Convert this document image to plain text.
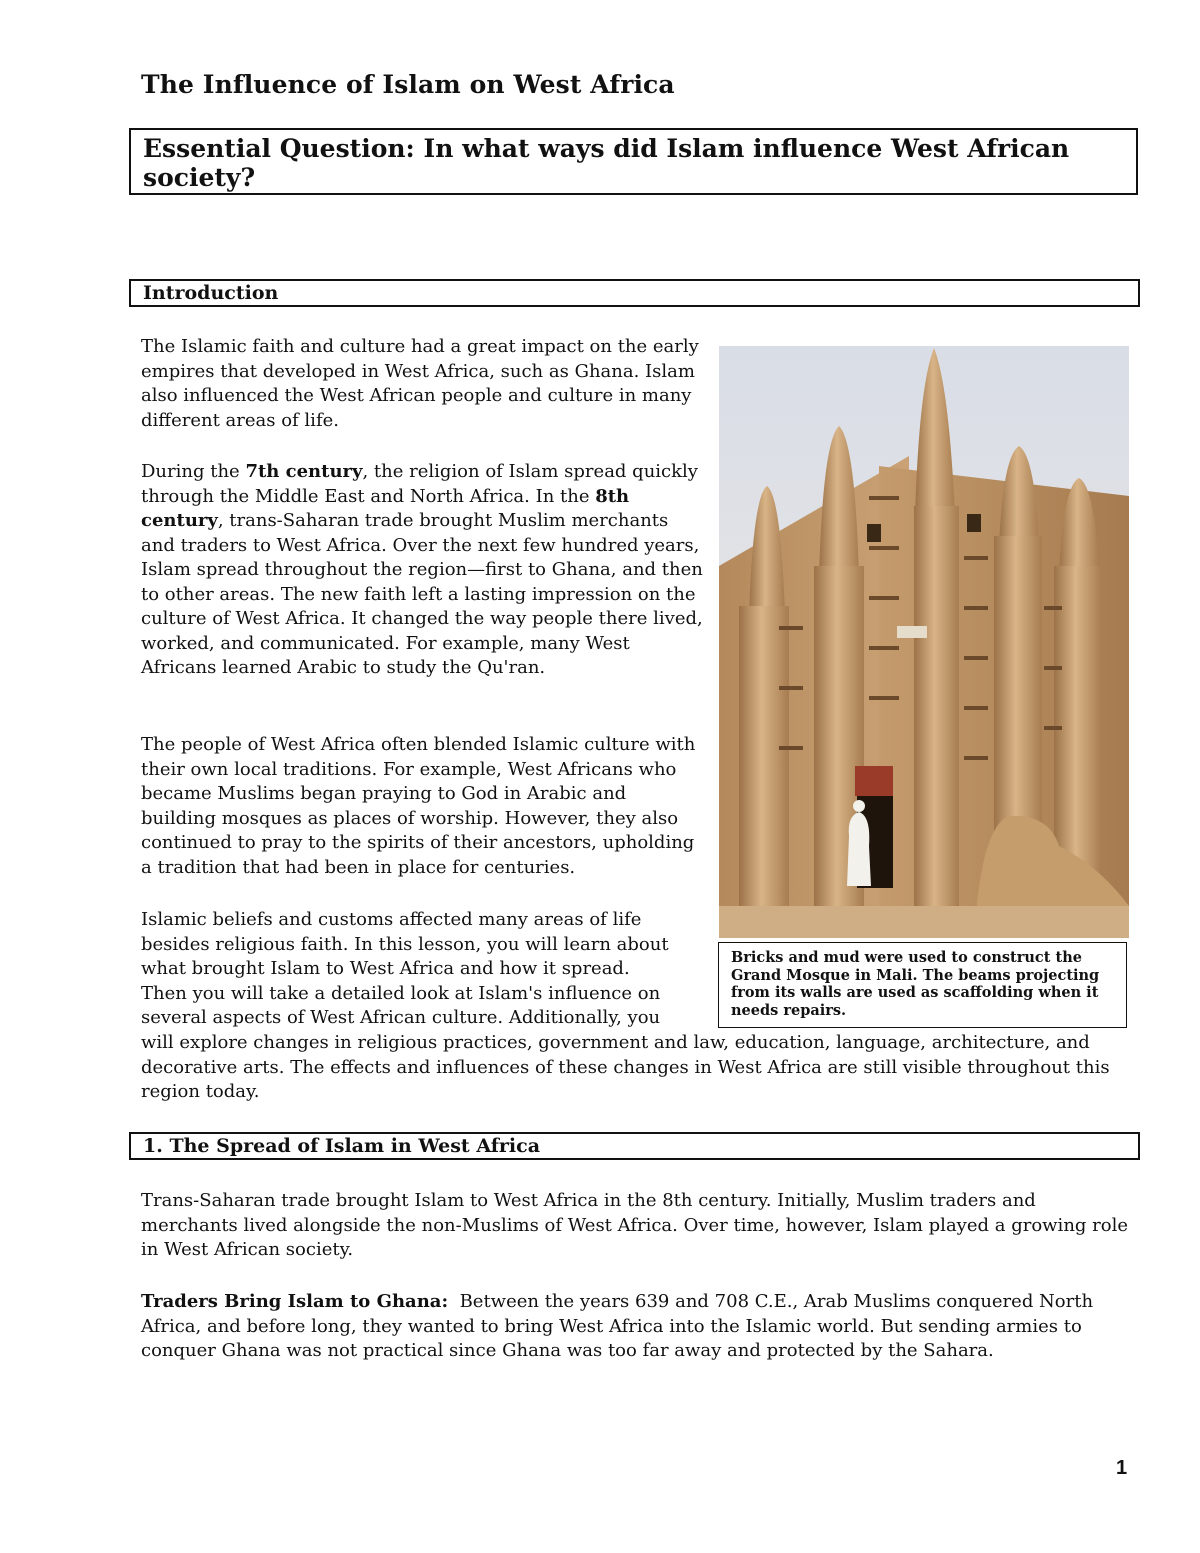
The Influence of Islam on West Africa

Essential Question: In what ways did Islam influence West African society?

Introduction

The Islamic faith and culture had a great impact on the early empires that developed in West Africa, such as Ghana. Islam also influenced the West African people and culture in many different areas of life.

During the 7th century, the religion of Islam spread quickly through the Middle East and North Africa. In the 8th century, trans-Saharan trade brought Muslim merchants and traders to West Africa. Over the next few hundred years, Islam spread throughout the region—first to Ghana, and then to other areas. The new faith left a lasting impression on the culture of West Africa. It changed the way people there lived, worked, and communicated. For example, many West Africans learned Arabic to study the Qu'ran.

The people of West Africa often blended Islamic culture with their own local traditions. For example, West Africans who became Muslims began praying to God in Arabic and building mosques as places of worship. However, they also continued to pray to the spirits of their ancestors, upholding a tradition that had been in place for centuries.

Islamic beliefs and customs affected many areas of life
besides religious faith. In this lesson, you will learn about
what brought Islam to West Africa and how it spread.
Then you will take a detailed look at Islam's influence on
several aspects of West African culture. Additionally, you

will explore changes in religious practices, government and law, education, language, architecture, and decorative arts. The effects and influences of these changes in West Africa are still visible throughout this region today.

Bricks and mud were used to construct the Grand Mosque in Mali. The beams projecting from its walls are used as scaffolding when it needs repairs.

1. The Spread of Islam in West Africa

Trans-Saharan trade brought Islam to West Africa in the 8th century. Initially, Muslim traders and merchants lived alongside the non-Muslims of West Africa. Over time, however, Islam played a growing role in West African society.

Traders Bring Islam to Ghana: Between the years 639 and 708 C.E., Arab Muslims conquered North Africa, and before long, they wanted to bring West Africa into the Islamic world. But sending armies to conquer Ghana was not practical since Ghana was too far away and protected by the Sahara.

1
